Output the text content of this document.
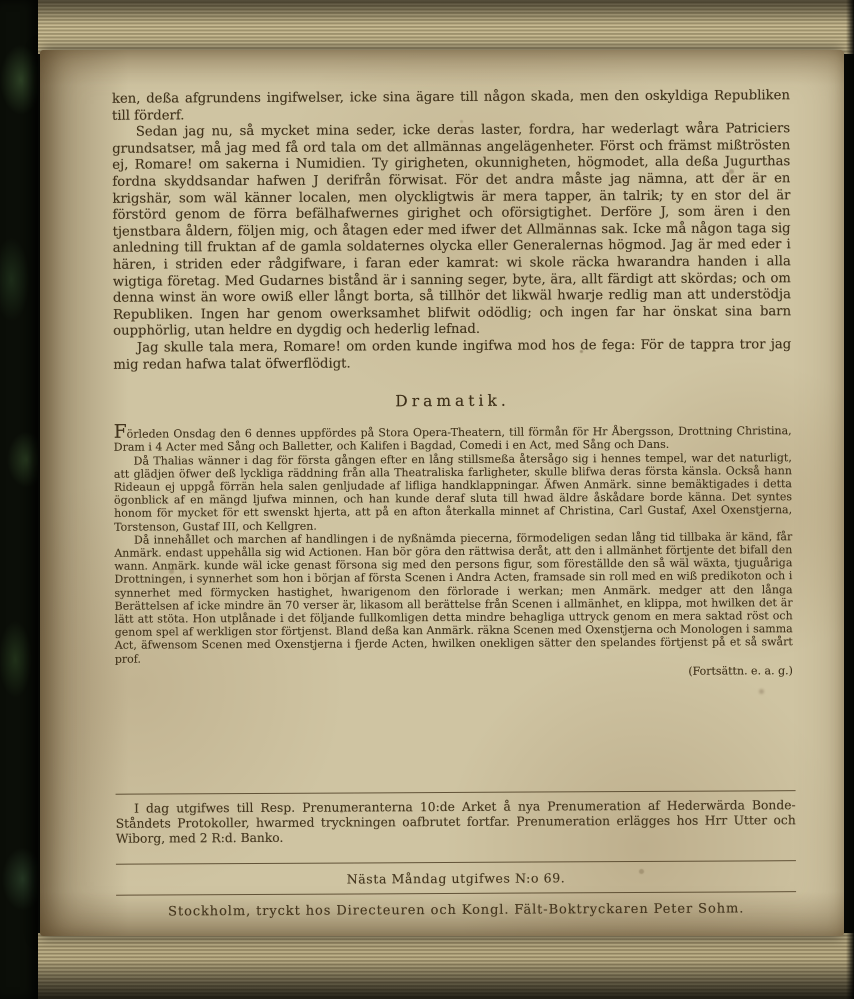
ken, deßa afgrundens ingifwelser, icke sina ägare till någon skada, men den oskyldiga Republiken till förderf.

Sedan jag nu, så mycket mina seder, icke deras laster, fordra, har wederlagt wåra Patriciers grundsatser, må jag med få ord tala om det allmännas angelägenheter. Först och främst mißtrösten ej, Romare! om sakerna i Numidien. Ty girigheten, okunnigheten, högmodet, alla deßa Jugurthas fordna skyddsandar hafwen J derifrån förwisat. För det andra måste jag nämna, att der är en krigshär, som wäl känner localen, men olyckligtwis är mera tapper, än talrik; ty en stor del är förstörd genom de förra befälhafwernes girighet och oförsigtighet. Derföre J, som ären i den tjenstbara åldern, följen mig, och åtagen eder med ifwer det Allmännas sak. Icke må någon taga sig anledning till fruktan af de gamla soldaternes olycka eller Generalernas högmod. Jag är med eder i hären, i striden eder rådgifware, i faran eder kamrat: wi skole räcka hwarandra handen i alla wigtiga företag. Med Gudarnes bistånd är i sanning seger, byte, ära, allt färdigt att skördas; och om denna winst än wore owiß eller långt borta, så tillhör det likwäl hwarje redlig man att understödja Republiken. Ingen har genom owerksamhet blifwit odödlig; och ingen far har önskat sina barn oupphörlig, utan heldre en dygdig och hederlig lefnad.

Jag skulle tala mera, Romare! om orden kunde ingifwa mod hos de fega: För de tappra tror jag mig redan hafwa talat öfwerflödigt.

Dramatik.

Förleden Onsdag den 6 dennes uppfördes på Stora Opera-Theatern, till förmån för Hr Åbergsson, Drottning Christina, Dram i 4 Acter med Sång och Balletter, och Kalifen i Bagdad, Comedi i en Act, med Sång och Dans.

Då Thalias wänner i dag för första gången efter en lång stillsmeßa återsågo sig i hennes tempel, war det naturligt, att glädjen öfwer deß lyckliga räddning från alla Theatraliska farligheter, skulle blifwa deras första känsla. Också hann Rideaun ej uppgå förrän hela salen genljudade af lifliga handklappningar. Äfwen Anmärk. sinne bemäktigades i detta ögonblick af en mängd ljufwa minnen, och han kunde deraf sluta till hwad äldre åskådare borde känna. Det syntes honom för mycket för ett swenskt hjerta, att på en afton återkalla minnet af Christina, Carl Gustaf, Axel Oxenstjerna, Torstenson, Gustaf III, och Kellgren.

Då innehållet och marchen af handlingen i de nyßnämda piecerna, förmodeligen sedan lång tid tillbaka är känd, får Anmärk. endast uppehålla sig wid Actionen. Han bör göra den rättwisa deråt, att den i allmänhet förtjente det bifall den wann. Anmärk. kunde wäl icke genast försona sig med den persons figur, som föreställde den så wäl wäxta, tjuguåriga Drottningen, i synnerhet som hon i början af första Scenen i Andra Acten, framsade sin roll med en wiß predikoton och i synnerhet med förmycken hastighet, hwarigenom den förlorade i werkan; men Anmärk. medger att den långa Berättelsen af icke mindre än 70 verser är, likasom all berättelse från Scenen i allmänhet, en klippa, mot hwilken det är lätt att stöta. Hon utplånade i det följande fullkomligen detta mindre behagliga uttryck genom en mera saktad röst och genom spel af werkligen stor förtjenst. Bland deßa kan Anmärk. räkna Scenen med Oxenstjerna och Monologen i samma Act, äfwensom Scenen med Oxenstjerna i fjerde Acten, hwilken onekligen sätter den spelandes förtjenst på et så swårt prof.

(Fortsättn. e. a. g.)

I dag utgifwes till Resp. Prenumeranterna 10:de Arket å nya Prenumeration af Hederwärda Bonde-Ståndets Protokoller, hwarmed tryckningen oafbrutet fortfar. Prenumeration erlägges hos Hrr Utter och Wiborg, med 2 R:d. Banko.

Nästa Måndag utgifwes N:o 69.

Stockholm, tryckt hos Directeuren och Kongl. Fält-Boktryckaren Peter Sohm.
